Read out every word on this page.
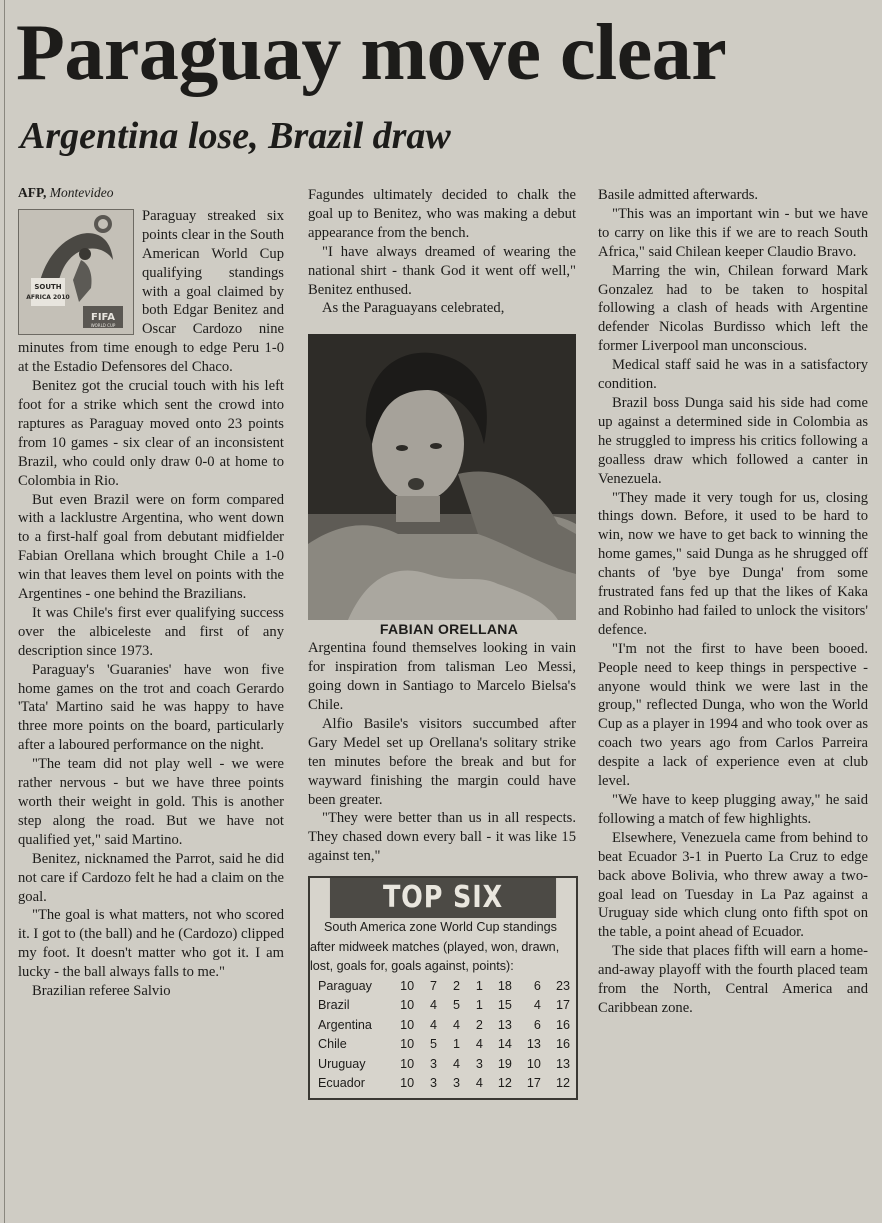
Paraguay move clear
Argentina lose, Brazil draw
AFP, Montevideo
SOUTH
AFRICA 2010
FIFA
WORLD CUP

Paraguay streaked six points clear in the South American World Cup qualifying standings with a goal claimed by both Edgar Benitez and Oscar Cardozo nine minutes from time enough to edge Peru 1-0 at the Estadio Defensores del Chaco.

Benitez got the crucial touch with his left foot for a strike which sent the crowd into raptures as Paraguay moved onto 23 points from 10 games - six clear of an inconsistent Brazil, who could only draw 0-0 at home to Colombia in Rio.

But even Brazil were on form compared with a lacklustre Argentina, who went down to a first-half goal from debutant midfielder Fabian Orellana which brought Chile a 1-0 win that leaves them level on points with the Argentines - one behind the Brazilians.

It was Chile's first ever qualifying success over the albiceleste and first of any description since 1973.

Paraguay's 'Guaranies' have won five home games on the trot and coach Gerardo 'Tata' Martino said he was happy to have three more points on the board, particularly after a laboured performance on the night.

"The team did not play well - we were rather nervous - but we have three points worth their weight in gold. This is another step along the road. But we have not qualified yet," said Martino.

Benitez, nicknamed the Parrot, said he did not care if Cardozo felt he had a claim on the goal.

"The goal is what matters, not who scored it. I got to (the ball) and he (Cardozo) clipped my foot. It doesn't matter who got it. I am lucky - the ball always falls to me."

Brazilian referee Salvio

Fagundes ultimately decided to chalk the goal up to Benitez, who was making a debut appearance from the bench.

"I have always dreamed of wearing the national shirt - thank God it went off well," Benitez enthused.

As the Paraguayans celebrated,

FABIAN ORELLANA

Argentina found themselves looking in vain for inspiration from talisman Leo Messi, going down in Santiago to Marcelo Bielsa's Chile.

Alfio Basile's visitors succumbed after Gary Medel set up Orellana's solitary strike ten minutes before the break and but for wayward finishing the margin could have been greater.

"They were better than us in all respects. They chased down every ball - it was like 15 against ten,"

TOP SIX

South America zone World Cup standings after midweek matches (played, won, drawn, lost, goals for, goals against, points):

Paraguay	10	7	2	1	18	6	23
Brazil	10	4	5	1	15	4	17
Argentina	10	4	4	2	13	6	16
Chile	10	5	1	4	14	13	16
Uruguay	10	3	4	3	19	10	13
Ecuador	10	3	3	4	12	17	12

Basile admitted afterwards.

"This was an important win - but we have to carry on like this if we are to reach South Africa," said Chilean keeper Claudio Bravo.

Marring the win, Chilean forward Mark Gonzalez had to be taken to hospital following a clash of heads with Argentine defender Nicolas Burdisso which left the former Liverpool man unconscious.

Medical staff said he was in a satisfactory condition.

Brazil boss Dunga said his side had come up against a determined side in Colombia as he struggled to impress his critics following a goalless draw which followed a canter in Venezuela.

"They made it very tough for us, closing things down. Before, it used to be hard to win, now we have to get back to winning the home games," said Dunga as he shrugged off chants of 'bye bye Dunga' from some frustrated fans fed up that the likes of Kaka and Robinho had failed to unlock the visitors' defence.

"I'm not the first to have been booed. People need to keep things in perspective - anyone would think we were last in the group," reflected Dunga, who won the World Cup as a player in 1994 and who took over as coach two years ago from Carlos Parreira despite a lack of experience even at club level.

"We have to keep plugging away," he said following a match of few highlights.

Elsewhere, Venezuela came from behind to beat Ecuador 3-1 in Puerto La Cruz to edge back above Bolivia, who threw away a two-goal lead on Tuesday in La Paz against a Uruguay side which clung onto fifth spot on the table, a point ahead of Ecuador.

The side that places fifth will earn a home-and-away playoff with the fourth placed team from the North, Central America and Caribbean zone.
